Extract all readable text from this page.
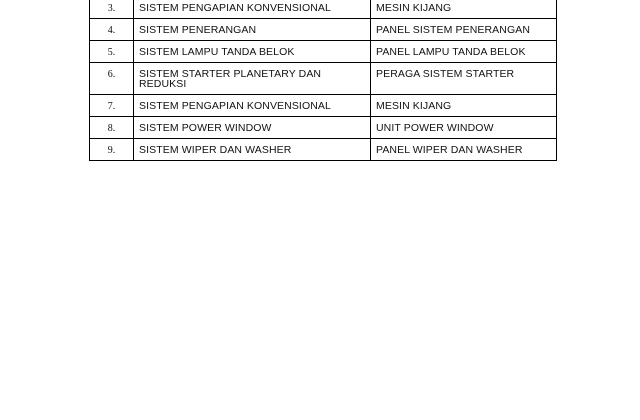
3.	SISTEM PENGAPIAN KONVENSIONAL	MESIN KIJANG
4.	SISTEM PENERANGAN	PANEL SISTEM PENERANGAN
5.	SISTEM LAMPU TANDA BELOK	PANEL LAMPU TANDA BELOK
6.	SISTEM STARTER PLANETARY DAN REDUKSI	PERAGA SISTEM STARTER
7.	SISTEM PENGAPIAN KONVENSIONAL	MESIN KIJANG
8.	SISTEM POWER WINDOW	UNIT POWER WINDOW
9.	SISTEM WIPER DAN WASHER	PANEL WIPER DAN WASHER
